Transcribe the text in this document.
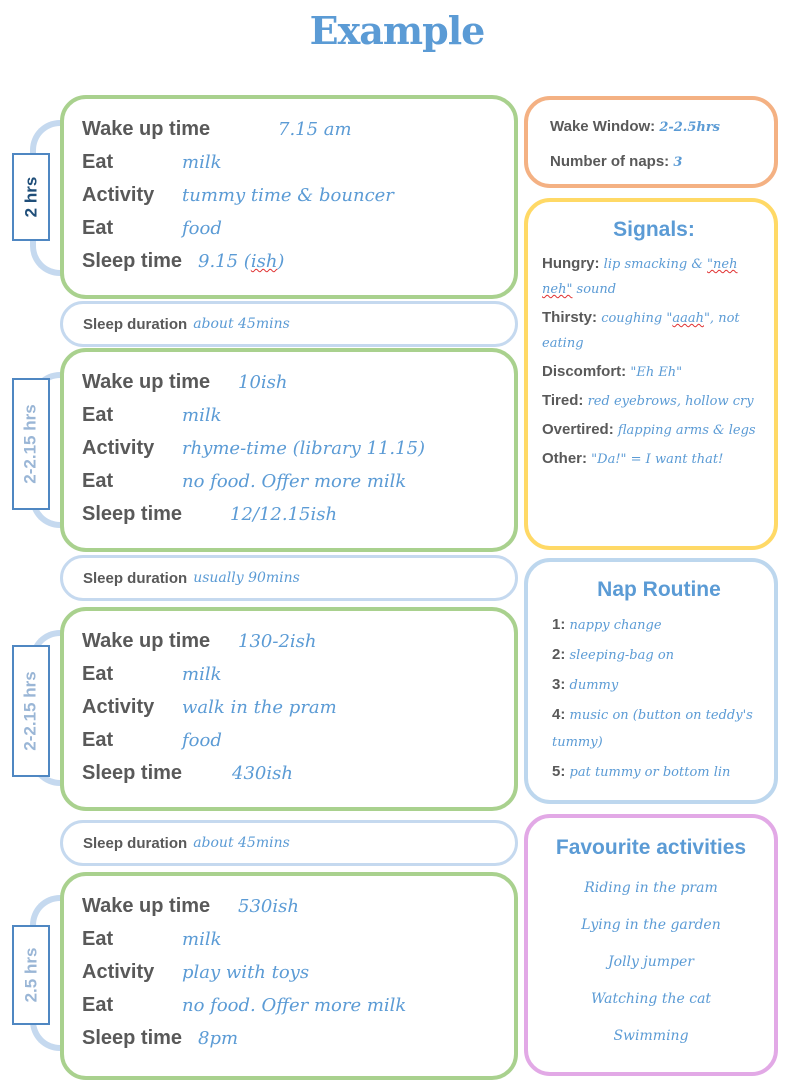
Example
2 hrs
2-2.15 hrs
2-2.15 hrs
2.5 hrs
Wake up time	7.15 am
Eat	milk
Activity tummy time & bouncer
Eat	food
Sleep time 9.15 (ish)
Sleep duration about 45mins
Wake up time 10ish
Eat	milk
Activity rhyme-time (library 11.15)
Eat	no food. Offer more milk
Sleep time	12/12.15ish
Sleep duration usually 90mins
Wake up time 130-2ish
Eat	milk
Activity walk in the pram
Eat	food
Sleep time	430ish
Sleep duration about 45mins
Wake up time 530ish
Eat	milk
Activity play with toys
Eat	no food. Offer more milk
Sleep time 8pm
Wake Window: 2-2.5hrs
Number of naps: 3
Signals:
Hungry: lip smacking & "neh neh" sound
Thirsty: coughing "aaah", not eating
Discomfort: "Eh Eh"
Tired: red eyebrows, hollow cry
Overtired: flapping arms & legs
Other: "Da!" = I want that!
Nap Routine
1: nappy change
2: sleeping-bag on
3: dummy
4: music on (button on teddy's tummy)
5: pat tummy or bottom lin
Favourite activities
Riding in the pram
Lying in the garden
Jolly jumper
Watching the cat
Swimming
